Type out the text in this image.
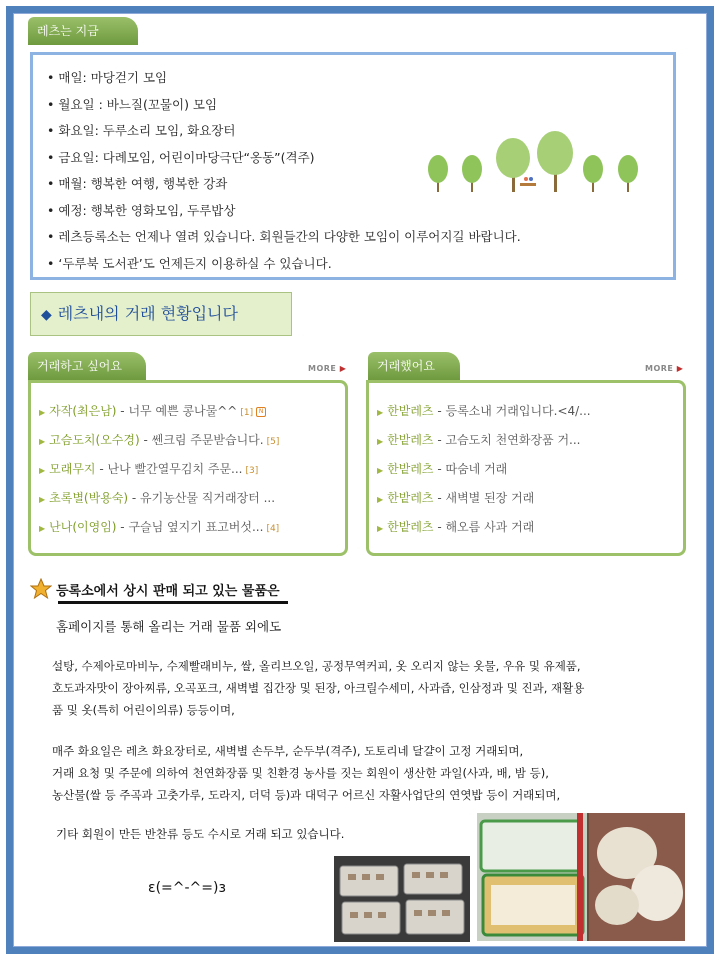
레츠는 지금
• 매일: 마당걷기 모임
• 월요일 : 바느질(꼬물이) 모임
• 화요일: 두루소리 모임, 화요장터
• 금요일: 다례모임, 어린이마당극단“옹동”(격주)
• 매월: 행복한 여행, 행복한 강좌
• 예정: 행복한 영화모임, 두루밥상
• 레츠등록소는 언제나 열려 있습니다. 회원들간의 다양한 모임이 이루어지길 바랍니다.
• ‘두루북 도서관’도 언제든지 이용하실 수 있습니다.
◆ 레츠내의 거래 현황입니다
거래하고 싶어요	MORE ▶
▶ 자작(최은남) - 너무 예쁜 콩나물^^ [1] N
▶ 고슴도치(오수경) - 쎈크림 주문받습니다. [5]
▶ 모래무지 - 난나 빨간열무김치 주문... [3]
▶ 초록별(박용숙) - 유기농산물 직거래장터 ...
▶ 난나(이영임) - 구슬님 옆지기 표고버섯... [4]
거래했어요	MORE ▶
▶ 한밭레츠 - 등록소내 거래입니다.<4/...
▶ 한밭레츠 - 고슴도치 천연화장품 거...
▶ 한밭레츠 - 따숨네 거래
▶ 한밭레츠 - 새벽별 된장 거래
▶ 한밭레츠 - 해오름 사과 거래
등록소에서 상시 판매 되고 있는 물품은
홈페이지를 통해 올리는 거래 물품 외에도
설탕, 수제아로마비누, 수제빨래비누, 쌀, 올리브오일, 공정무역커피, 옷 오리지 않는 옷물, 우유 및 유제품,
호도과자맛이 장아찌류, 오곡포크, 새벽별 집간장 및 된장, 아크릴수세미, 사과즙, 인삼정과 및 진과, 재활용
품 및 옷(특히 어린이의류) 등등이며,
매주 화요일은 레츠 화요장터로, 새벽별 손두부, 순두부(격주), 도토리네 달걀이 고정 거래되며,
거래 요청 및 주문에 의하여 천연화장품 및 친환경 농사를 짓는 회원이 생산한 과일(사과, 배, 밤 등),
농산물(쌀 등 주곡과 고춧가루, 도라지, 더덕 등)과 대덕구 어르신 자활사업단의 연엿밥 등이 거래되며,
기타 회원이 만든 반찬류 등도 수시로 거래 되고 있습니다.
ε(=^-^=)з
